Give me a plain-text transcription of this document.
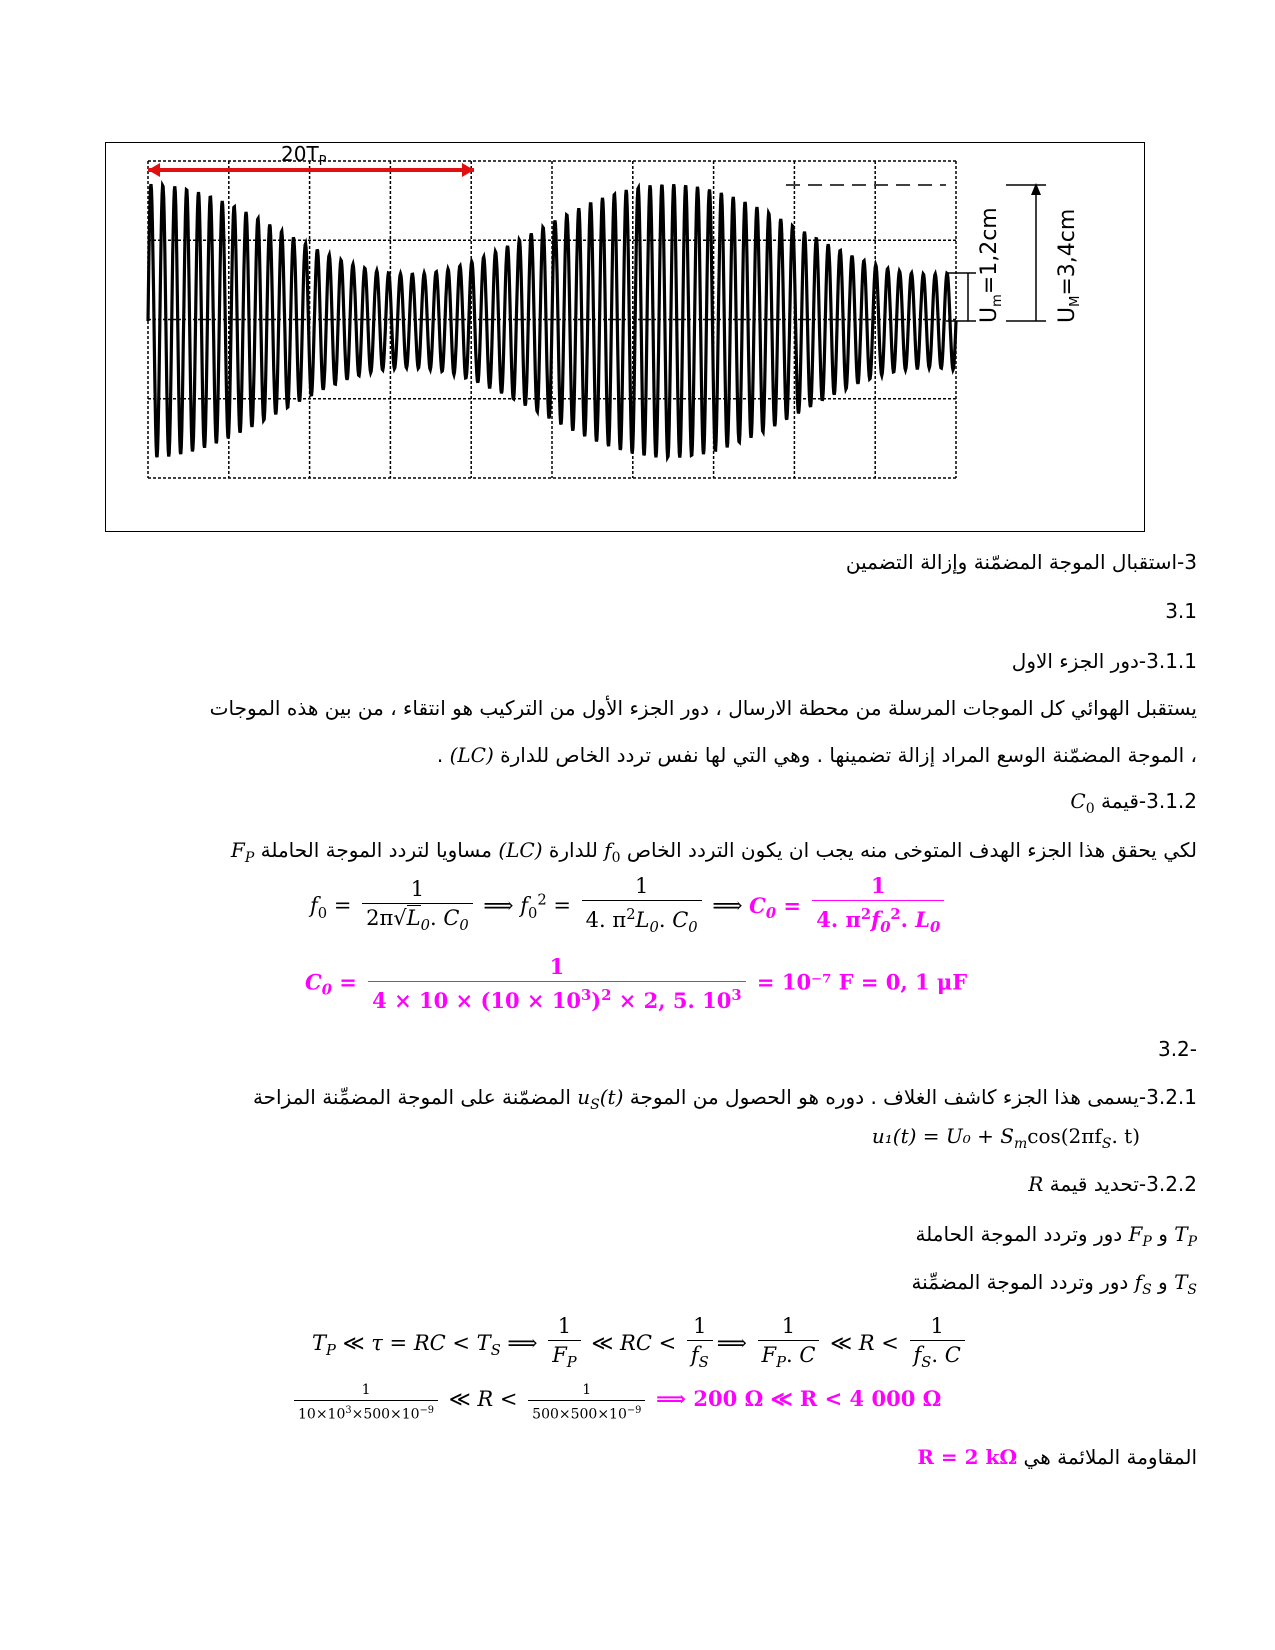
$20T_P$
$U_m=1,2cm$
$U_M=3,4cm$
3-استقبال الموجة المضمّنة وإزالة التضمين
3.1
3.1.1-دور الجزء الاول
يستقبل الهوائي كل الموجات المرسلة من محطة الارسال ، دور الجزء الأول من التركيب هو انتقاء ، من بين هذه الموجات
، الموجة المضمّنة الوسع المراد إزالة تضمينها . وهي التي لها نفس تردد الخاص للدارة (LC) .
3.1.2-قيمة $C_0$
لكي يحقق هذا الجزء الهدف المتوخى منه يجب ان يكون التردد الخاص $f_0$ للدارة (LC) مساويا لتردد الموجة الحاملة $F_P$
$f_0 = \frac{1}{2\pi√L_0. C_0}$ ⟹ $f_0^2 = \frac{1}{4. \pi^2L_0. C_0}$ ⟹ $C_0 = \frac{1}{4. \pi^2f_0^2. L_0}$
$C_0 = \frac{1}{4 \times 10 \times (10 \times 10^3)^2 \times 2, 5. 10^3} = 10^{-7}$ F = 0, 1 μF
-3.2
3.2.1-يسمى هذا الجزء كاشف الغلاف . دوره هو الحصول من الموجة $u_S(t)$ المضمّنة على الموجة المضمِّنة المزاحة
$u_1(t) = U_0 + S_m\cos(2\pi f_S$. t)
3.2.2-تحديد قيمة R
$T_P$ و $F_P$ دور وتردد الموجة الحاملة
$T_S$ و $f_S$ دور وتردد الموجة المضمِّنة
$T_P$ ≪ τ = RC < $T_S$ ⟹ $\frac{1}{F_P}$ ≪ RC < $\frac{1}{f_S}$ ⟹ $\frac{1}{F_P. C}$ ≪ $R < \frac{1}{f_S. C}$
$\frac{1}{10\times 10^3\times 500\times 10^{-9}}$ ≪ $R < \frac{1}{500\times 500\times 10^{-9}}$ ⟹ 200 Ω ≪ R < 4 000 Ω
المقاومة الملائمة هي R = 2 kΩ
